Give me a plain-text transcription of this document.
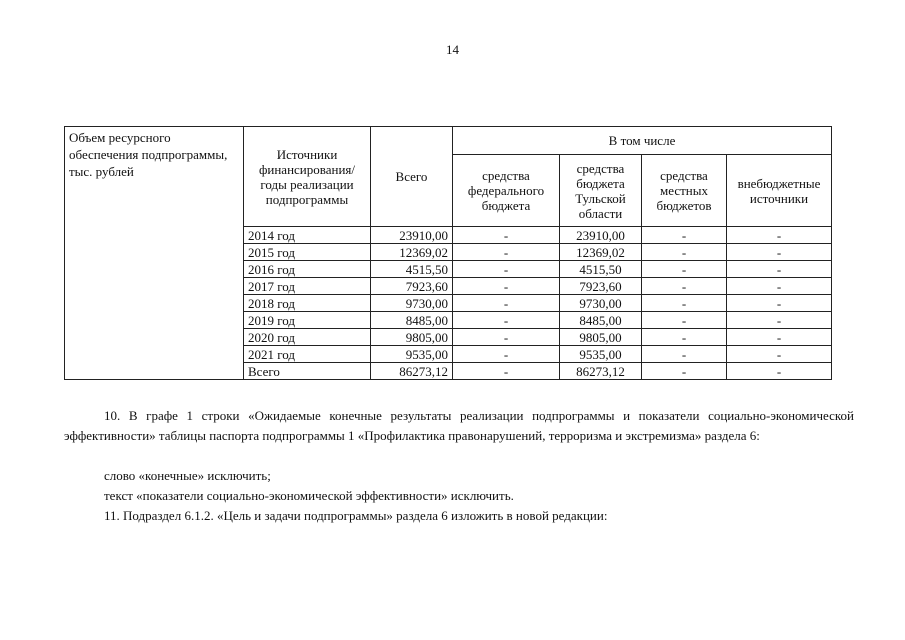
14
Объем ресурсного обеспечения подпрограммы, тыс. рублей	Источники финансирования/ годы реализации подпрограммы	Всего	В том числе			
			средства федерального бюджета	средства бюджета Тульской области	средства местных бюджетов	внебюджетные источники
	2014 год	23910,00	-	23910,00	-	-
	2015 год	12369,02	-	12369,02	-	-
	2016 год	4515,50	-	4515,50	-	-
	2017 год	7923,60	-	7923,60	-	-
	2018 год	9730,00	-	9730,00	-	-
	2019 год	8485,00	-	8485,00	-	-
	2020 год	9805,00	-	9805,00	-	-
	2021 год	9535,00	-	9535,00	-	-
	Всего	86273,12	-	86273,12	-	-
10. В графе 1 строки «Ожидаемые конечные результаты реализации подпрограммы и показатели социально-экономической эффективности» таблицы паспорта подпрограммы 1 «Профилактика правонарушений, терроризма и экстремизма» раздела 6:
слово «конечные» исключить;
текст «показатели социально-экономической эффективности» исключить.
11. Подраздел 6.1.2. «Цель и задачи подпрограммы» раздела 6 изложить в новой редакции:
